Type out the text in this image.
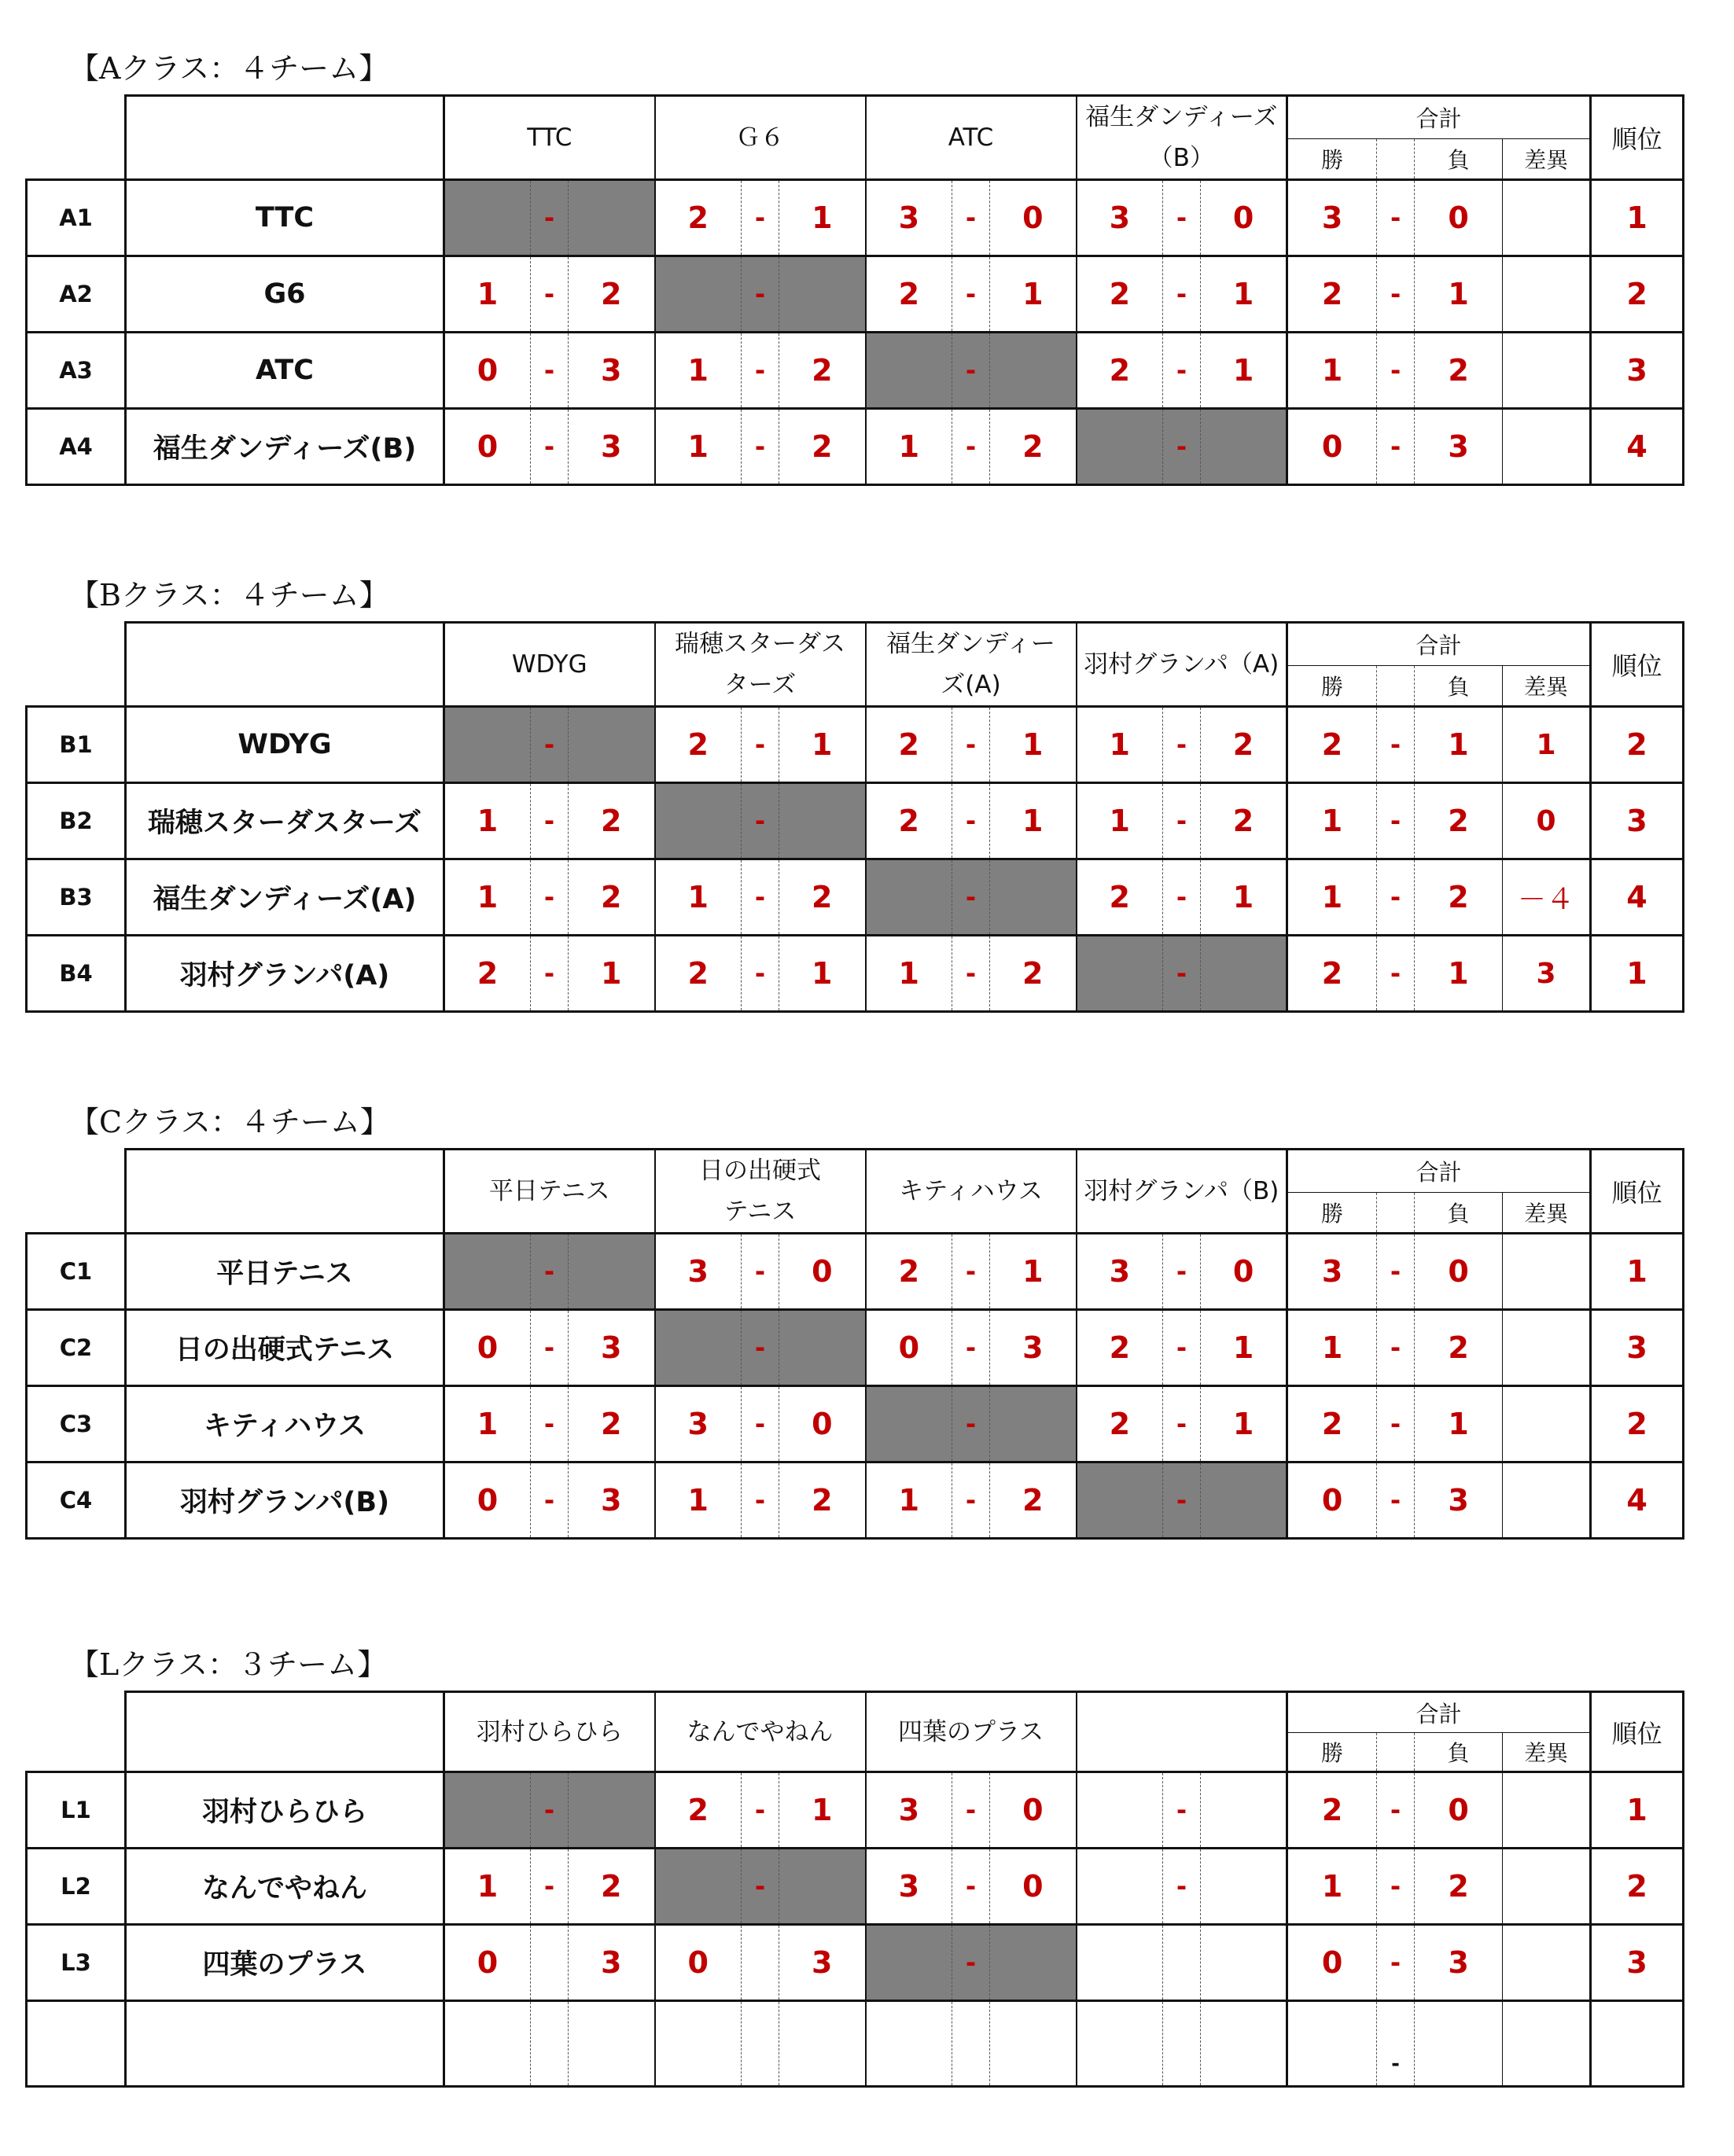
【Aクラス：４チーム】
		TTC			Ｇ６			ATC			福生ダンディーズ
（B）			合計				順位
														勝		負	差異	
A1	TTC		-		2	-	1	3	-	0	3	-	0	3	-	0		1
A2	G6	1	-	2		-		2	-	1	2	-	1	2	-	1		2
A3	ATC	0	-	3	1	-	2		-		2	-	1	1	-	2		3
A4	福生ダンディーズ(B)	0	-	3	1	-	2	1	-	2		-		0	-	3		4
【Bクラス：４チーム】
		WDYG			瑞穂スターダス
ターズ			福生ダンディー
ズ(A)			羽村グランパ（A)			合計				順位
														勝		負	差異	
B1	WDYG		-		2	-	1	2	-	1	1	-	2	2	-	1	1	2
B2	瑞穂スターダスターズ	1	-	2		-		2	-	1	1	-	2	1	-	2	0	3
B3	福生ダンディーズ(A)	1	-	2	1	-	2		-		2	-	1	1	-	2	－４	4
B4	羽村グランパ(A)	2	-	1	2	-	1	1	-	2		-		2	-	1	3	1
【Cクラス：４チーム】
		平日テニス			日の出硬式
テニス			キティハウス			羽村グランパ（B)			合計				順位
														勝		負	差異	
C1	平日テニス		-		3	-	0	2	-	1	3	-	0	3	-	0		1
C2	日の出硬式テニス	0	-	3		-		0	-	3	2	-	1	1	-	2		3
C3	キティハウス	1	-	2	3	-	0		-		2	-	1	2	-	1		2
C4	羽村グランパ(B)	0	-	3	1	-	2	1	-	2		-		0	-	3		4
【Lクラス：３チーム】
		羽村ひらひら			なんでやねん			四葉のプラス						合計				順位
														勝		負	差異	
L1	羽村ひらひら		-		2	-	1	3	-	0		-		2	-	0		1
L2	なんでやねん	1	-	2		-		3	-	0		-		1	-	2		2
L3	四葉のプラス	0		3	0		3		-					0	-	3		3
															-			
